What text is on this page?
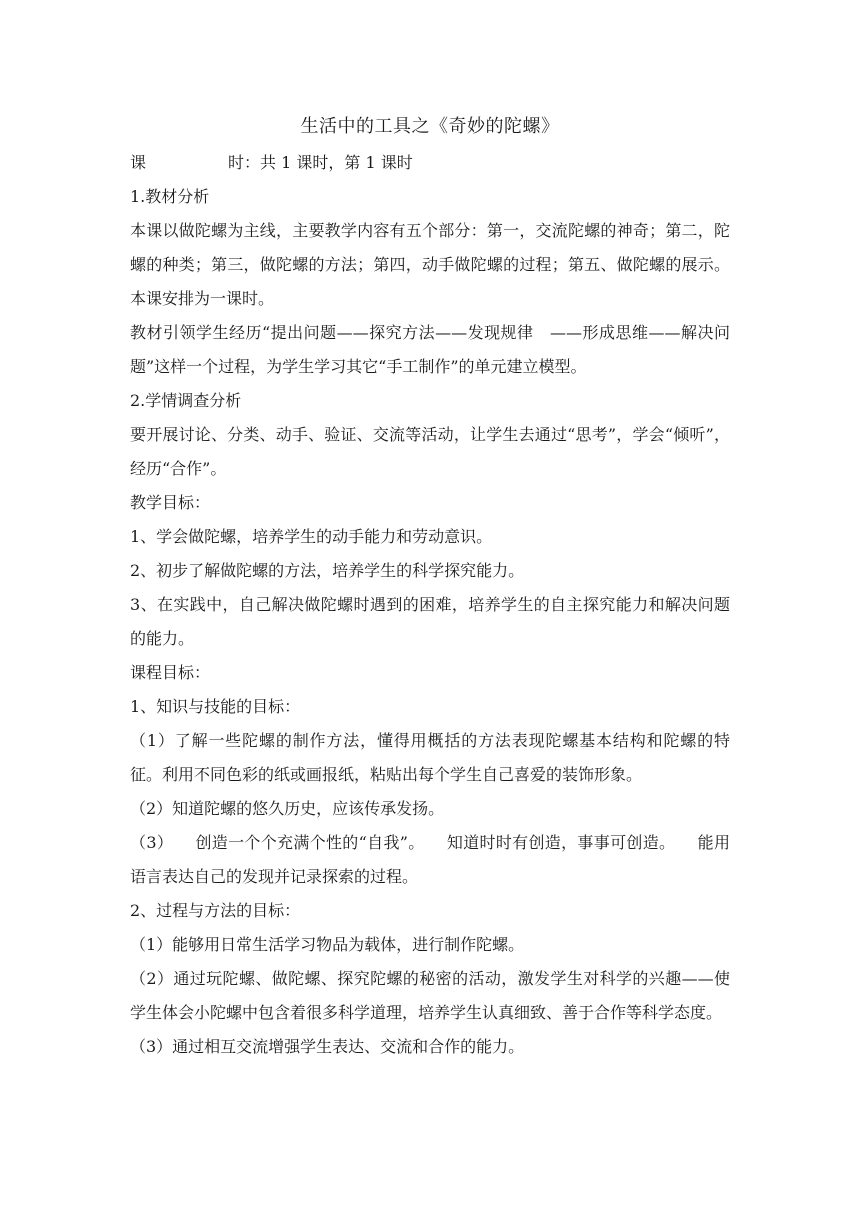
生活中的工具之《奇妙的陀螺》

课	时：共 1 课时，第 1 课时

1.教材分析

本课以做陀螺为主线，主要教学内容有五个部分：第一，交流陀螺的神奇；第二，陀螺的种类；第三，做陀螺的方法；第四，动手做陀螺的过程；第五、做陀螺的展示。本课安排为一课时。

教材引领学生经历“提出问题——探究方法——发现规律　——形成思维——解决问题”这样一个过程，为学生学习其它“手工制作”的单元建立模型。

2.学情调查分析

要开展讨论、分类、动手、验证、交流等活动，让学生去通过“思考”，学会“倾听”，经历“合作”。

教学目标：

1、学会做陀螺，培养学生的动手能力和劳动意识。

2、初步了解做陀螺的方法，培养学生的科学探究能力。

3、在实践中，自己解决做陀螺时遇到的困难，培养学生的自主探究能力和解决问题的能力。

课程目标：

1、知识与技能的目标：

（1）了解一些陀螺的制作方法，懂得用概括的方法表现陀螺基本结构和陀螺的特征。利用不同色彩的纸或画报纸，粘贴出每个学生自己喜爱的装饰形象。

（2）知道陀螺的悠久历史，应该传承发扬。

（3） 创造一个个充满个性的“自我”。 知道时时有创造，事事可创造。 能用语言表达自己的发现并记录探索的过程。

2、过程与方法的目标：

（1）能够用日常生活学习物品为载体，进行制作陀螺。

（2）通过玩陀螺、做陀螺、探究陀螺的秘密的活动，激发学生对科学的兴趣——使学生体会小陀螺中包含着很多科学道理，培养学生认真细致、善于合作等科学态度。

（3）通过相互交流增强学生表达、交流和合作的能力。
